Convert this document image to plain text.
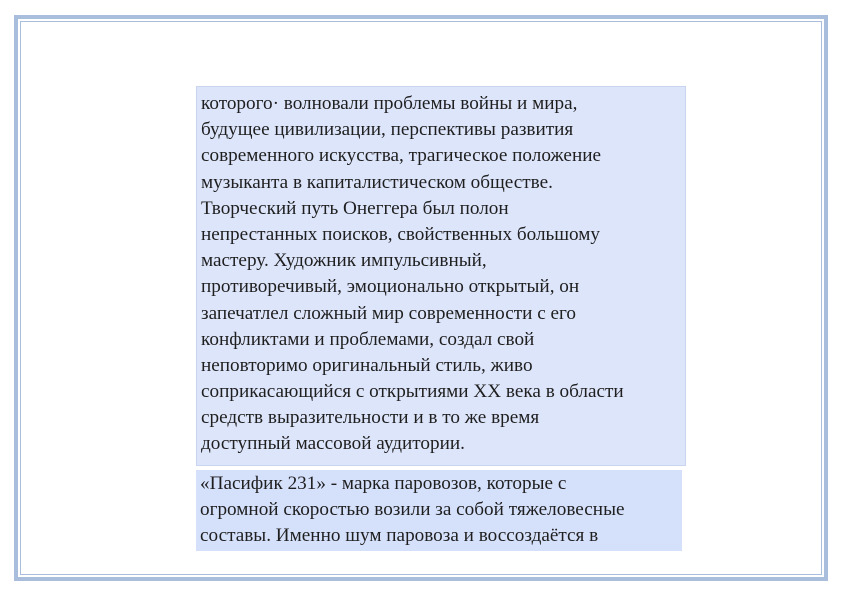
которого· волновали проблемы войны и мира,
будущее цивилизации, перспективы развития
современного искусства, трагическое положение
музыканта в капиталистическом обществе.
Творческий путь Онеггера был полон
непрестанных поисков, свойственных большому
мастеру. Художник импульсивный,
противоречивый, эмоционально открытый, он
запечатлел сложный мир современности с его
конфликтами и проблемами, создал свой
неповторимо оригинальный стиль, живо
соприкасающийся с открытиями XX века в области
средств выразительности и в то же время
доступный массовой аудитории.
«Пасифик 231» - марка паровозов, которые с
огромной скоростью возили за собой тяжеловесные
составы. Именно шум паровоза и воссоздаётся в
